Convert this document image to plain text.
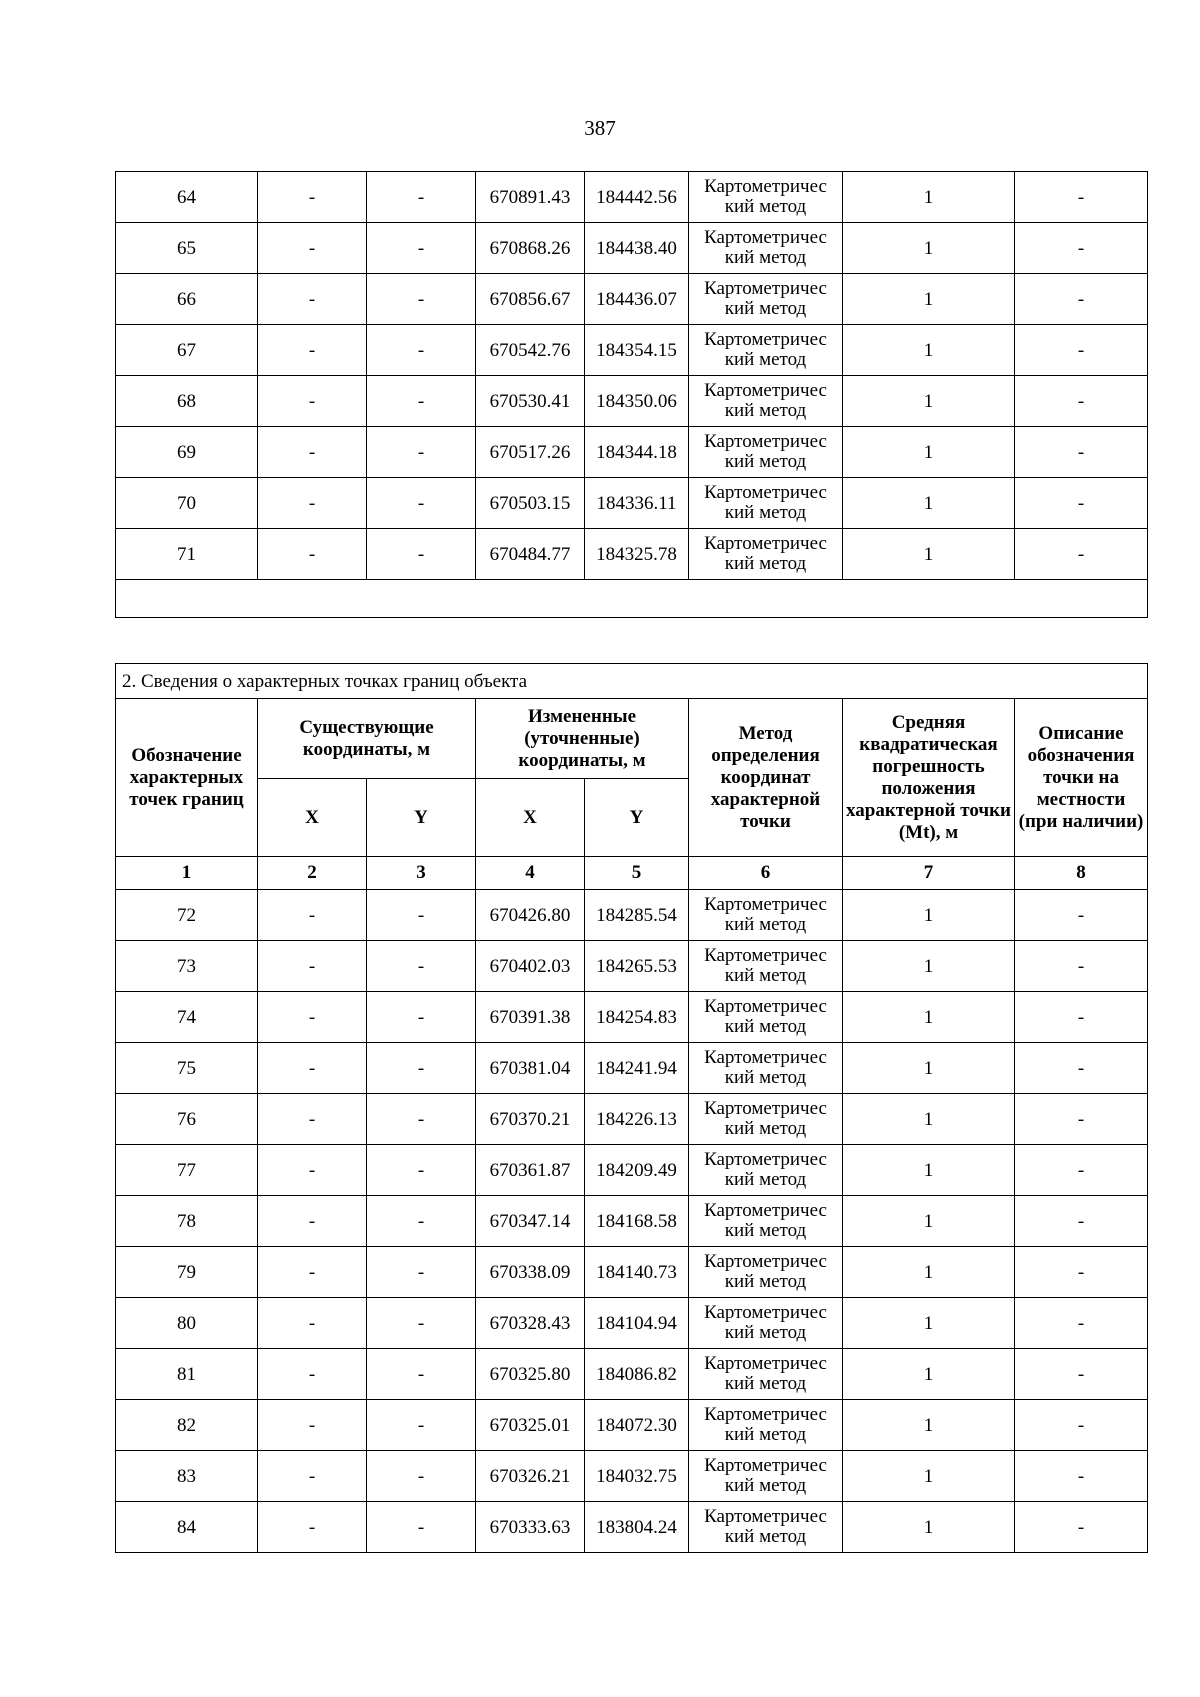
387
64	-	-	670891.43	184442.56	Картометричес кий метод	1	-
65	-	-	670868.26	184438.40	Картометричес кий метод	1	-
66	-	-	670856.67	184436.07	Картометричес кий метод	1	-
67	-	-	670542.76	184354.15	Картометричес кий метод	1	-
68	-	-	670530.41	184350.06	Картометричес кий метод	1	-
69	-	-	670517.26	184344.18	Картометричес кий метод	1	-
70	-	-	670503.15	184336.11	Картометричес кий метод	1	-
71	-	-	670484.77	184325.78	Картометричес кий метод	1	-

2. Сведения о характерных точках границ объекта							
Обозначение характерных точек границ	Существующие координаты, м		Измененные (уточненные) координаты, м		Метод определения координат характерной точки	Средняя квадратическая погрешность положения характерной точки (Mt), м	Описание обозначения точки на местности (при наличии)
	X	Y	X	Y			
1	2	3	4	5	6	7	8
72	-	-	670426.80	184285.54	Картометричес кий метод	1	-
73	-	-	670402.03	184265.53	Картометричес кий метод	1	-
74	-	-	670391.38	184254.83	Картометричес кий метод	1	-
75	-	-	670381.04	184241.94	Картометричес кий метод	1	-
76	-	-	670370.21	184226.13	Картометричес кий метод	1	-
77	-	-	670361.87	184209.49	Картометричес кий метод	1	-
78	-	-	670347.14	184168.58	Картометричес кий метод	1	-
79	-	-	670338.09	184140.73	Картометричес кий метод	1	-
80	-	-	670328.43	184104.94	Картометричес кий метод	1	-
81	-	-	670325.80	184086.82	Картометричес кий метод	1	-
82	-	-	670325.01	184072.30	Картометричес кий метод	1	-
83	-	-	670326.21	184032.75	Картометричес кий метод	1	-
84	-	-	670333.63	183804.24	Картометричес кий метод	1	-
